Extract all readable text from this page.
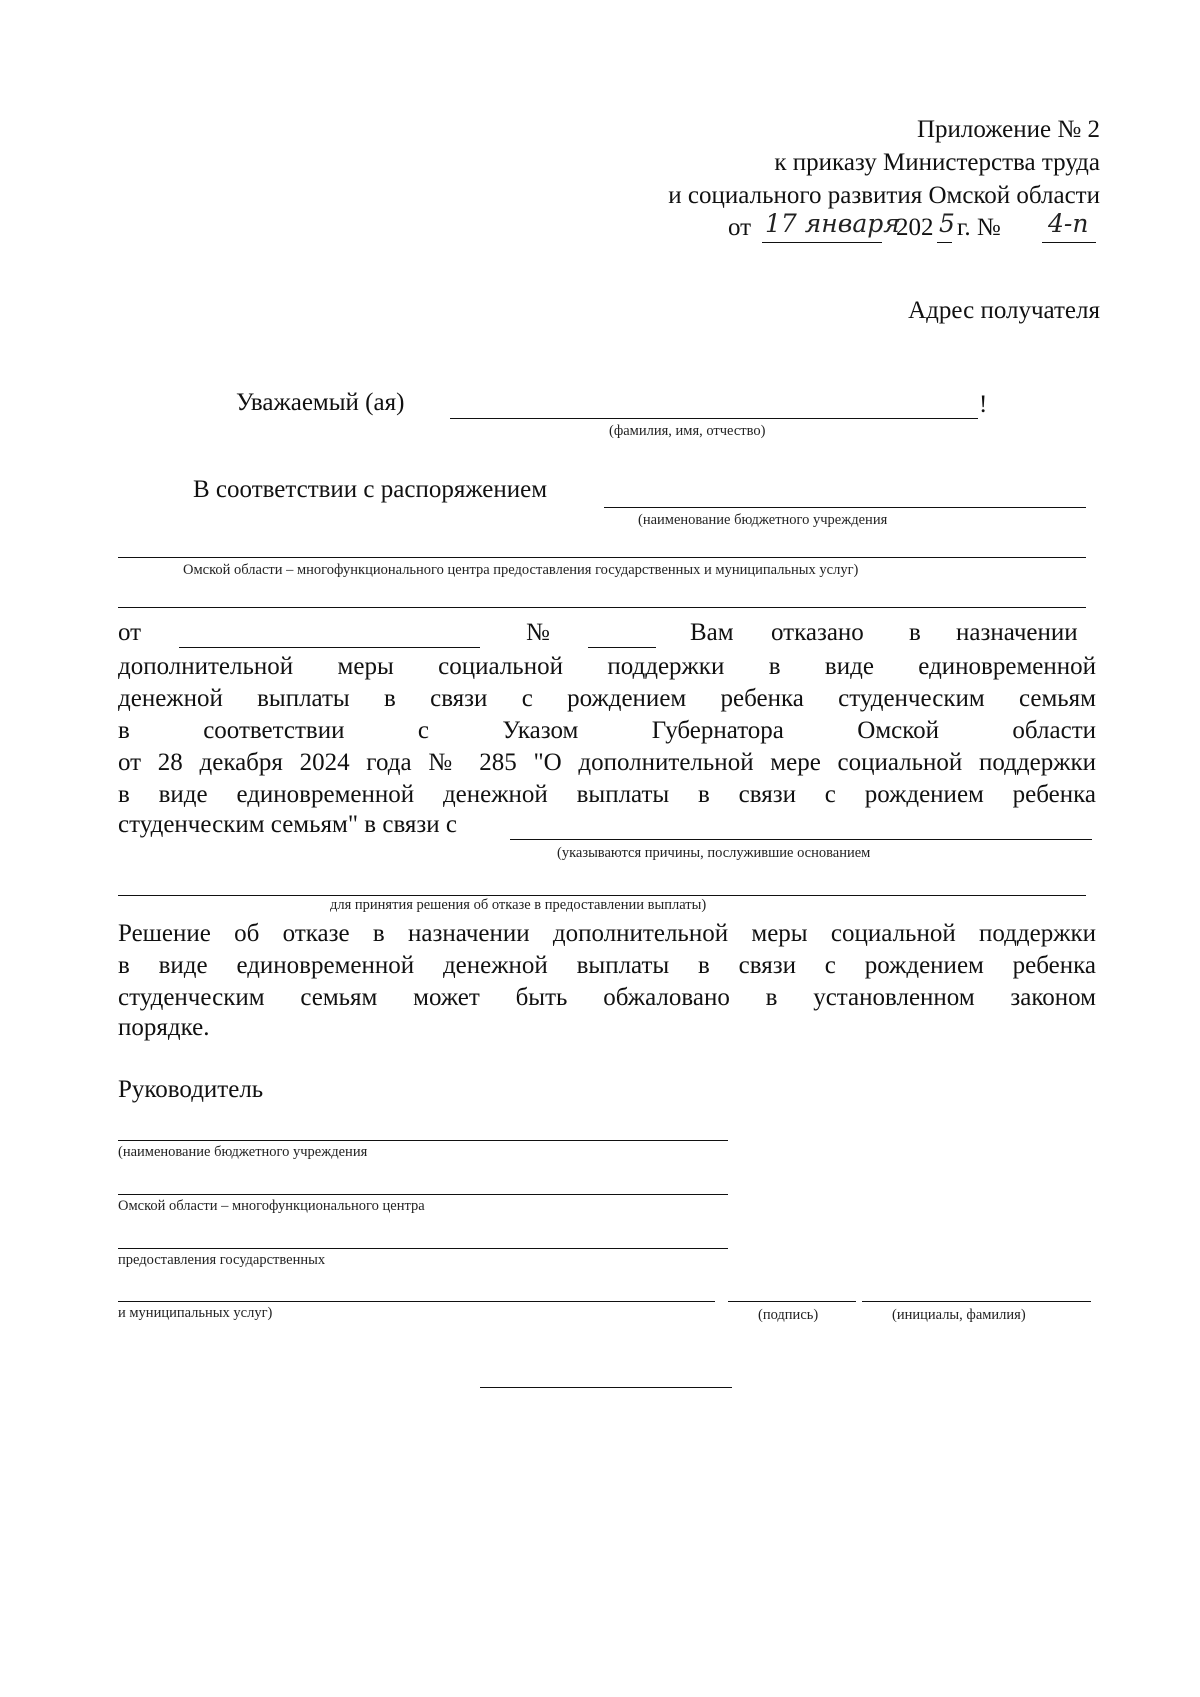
Приложение № 2
к приказу Министерства труда
и социального развития Омской области
от 17 января
202 5 г. № 4-п
Адрес получателя
Уважаемый (ая)	!
(фамилия, имя, отчество)
В соответствии с распоряжением
(наименование бюджетного учреждения
Омской области – многофункционального центра предоставления государственных и муниципальных услуг)
от	№	Вам отказано в назначении
дополнительной меры социальной поддержки в виде единовременной
денежной выплаты в связи с рождением ребенка студенческим семьям
в соответствии с Указом Губернатора Омской области
от 28 декабря 2024 года № 285 "О дополнительной мере социальной поддержки
в виде единовременной денежной выплаты в связи с рождением ребенка
студенческим семьям" в связи с
(указываются причины, послужившие основанием
для принятия решения об отказе в предоставлении выплаты)
Решение об отказе в назначении дополнительной меры социальной поддержки
в виде единовременной денежной выплаты в связи с рождением ребенка
студенческим семьям может быть обжаловано в установленном законом
порядке.
Руководитель
(наименование бюджетного учреждения
Омской области – многофункционального центра
предоставления государственных
и муниципальных услуг)	(подпись)	(инициалы, фамилия)
